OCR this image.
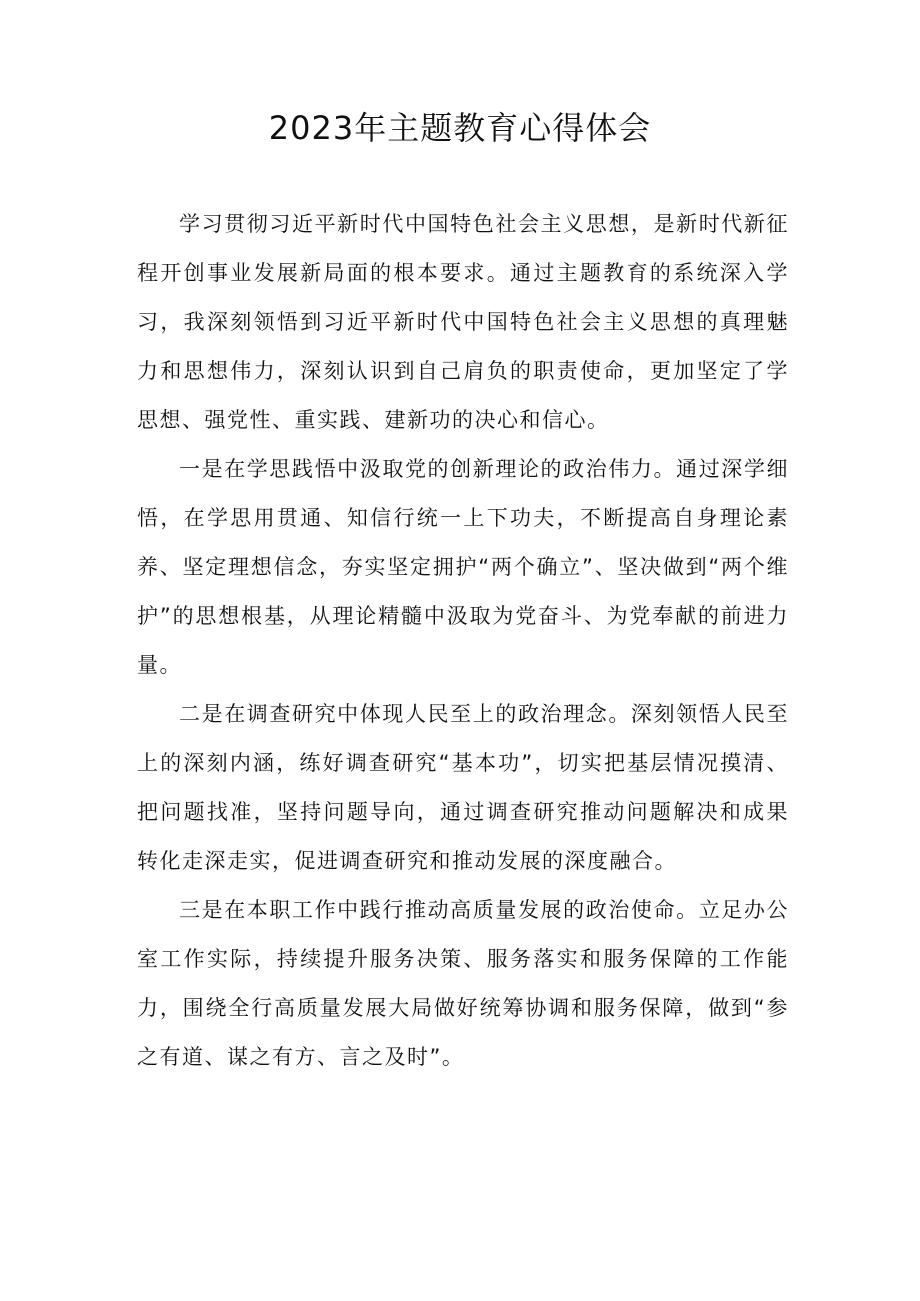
2023年主题教育心得体会

学习贯彻习近平新时代中国特色社会主义思想，是新时代新征程开创事业发展新局面的根本要求。通过主题教育的系统深入学习，我深刻领悟到习近平新时代中国特色社会主义思想的真理魅力和思想伟力，深刻认识到自己肩负的职责使命，更加坚定了学思想、强党性、重实践、建新功的决心和信心。

一是在学思践悟中汲取党的创新理论的政治伟力。通过深学细悟，在学思用贯通、知信行统一上下功夫，不断提高自身理论素养、坚定理想信念，夯实坚定拥护“两个确立”、坚决做到“两个维护”的思想根基，从理论精髓中汲取为党奋斗、为党奉献的前进力量。

二是在调查研究中体现人民至上的政治理念。深刻领悟人民至上的深刻内涵，练好调查研究“基本功”，切实把基层情况摸清、把问题找准，坚持问题导向，通过调查研究推动问题解决和成果转化走深走实，促进调查研究和推动发展的深度融合。

三是在本职工作中践行推动高质量发展的政治使命。立足办公室工作实际，持续提升服务决策、服务落实和服务保障的工作能力，围绕全行高质量发展大局做好统筹协调和服务保障，做到“参之有道、谋之有方、言之及时”。
